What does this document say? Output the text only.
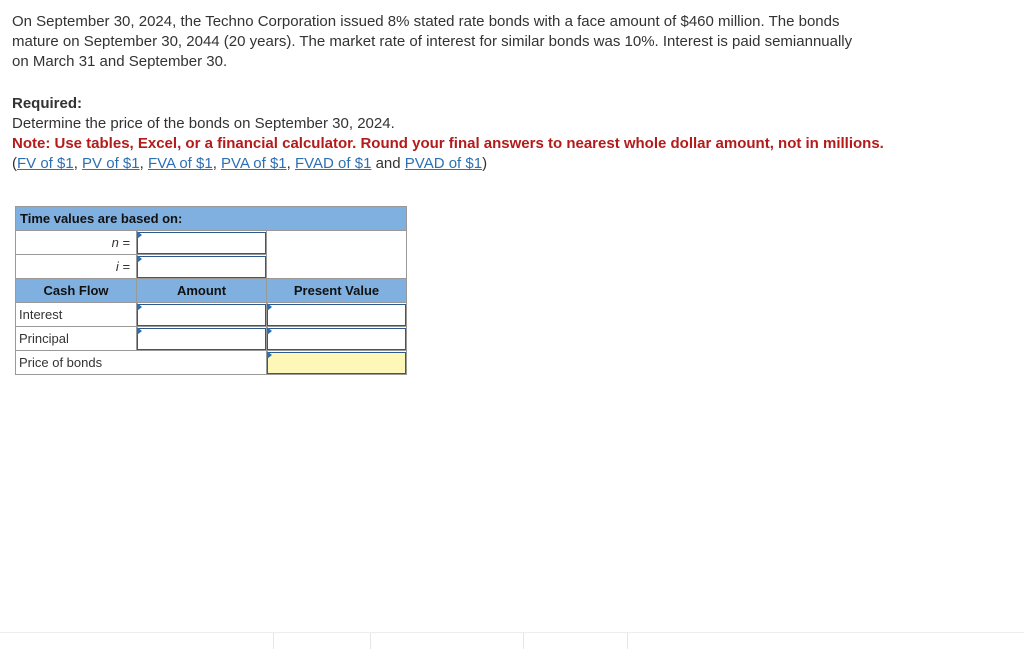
On September 30, 2024, the Techno Corporation issued 8% stated rate bonds with a face amount of $460 million. The bonds

mature on September 30, 2044 (20 years). The market rate of interest for similar bonds was 10%. Interest is paid semiannually

on March 31 and September 30.

Required:
Determine the price of the bonds on September 30, 2024.
Note: Use tables, Excel, or a financial calculator. Round your final answers to nearest whole dollar amount, not in millions.
(FV of $1, PV of $1, FVA of $1, PVA of $1, FVAD of $1 and PVAD of $1)
Time values are based on:		
n =	

i =	

Cash Flow	Amount	Present Value
Interest	

Principal	

Price of bonds	
